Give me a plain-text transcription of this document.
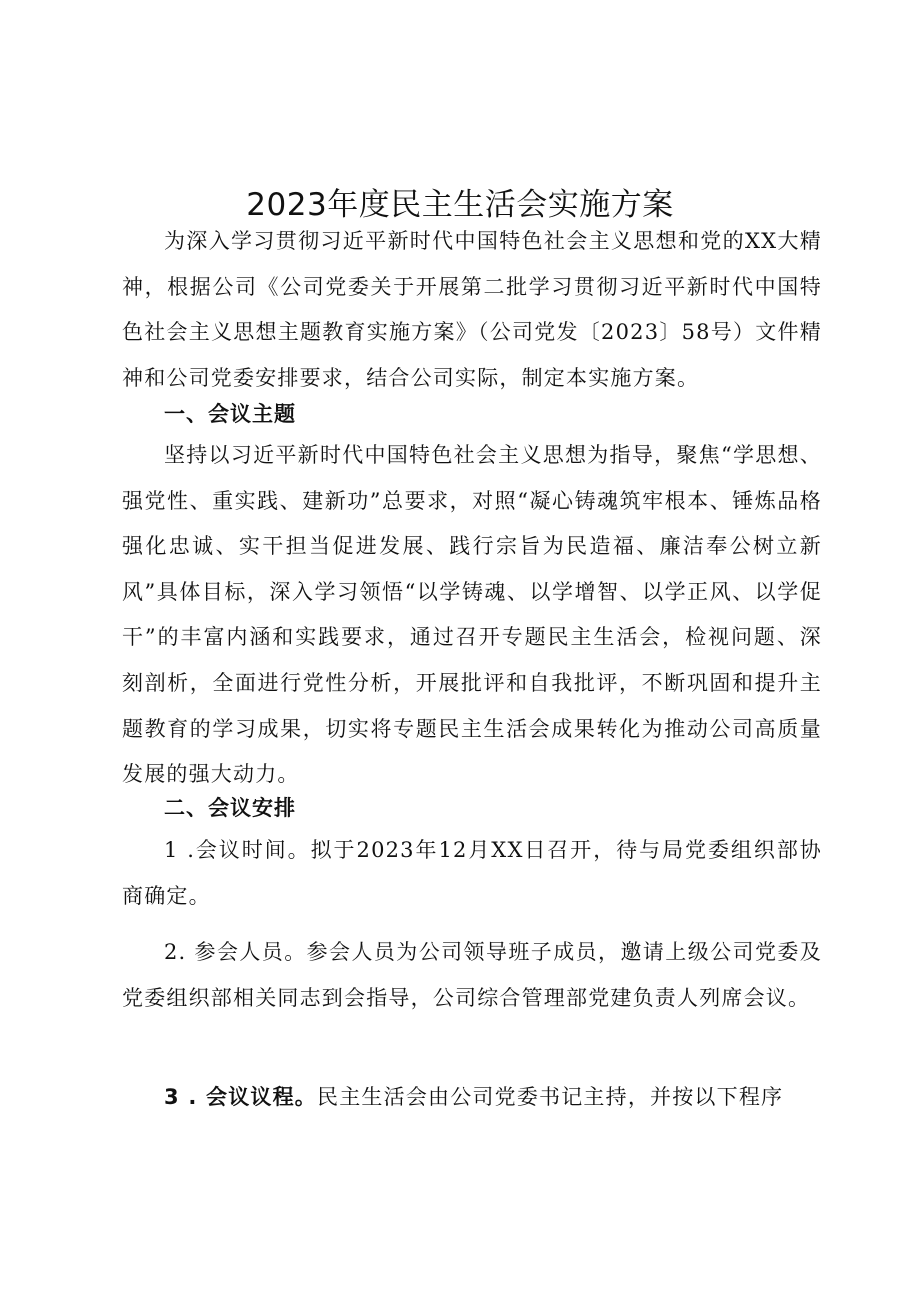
2023年度民主生活会实施方案

为深入学习贯彻习近平新时代中国特色社会主义思想和党的XX大精神，根据公司《公司党委关于开展第二批学习贯彻习近平新时代中国特色社会主义思想主题教育实施方案》（公司党发〔2023〕58号）文件精神和公司党委安排要求，结合公司实际，制定本实施方案。

一、会议主题

坚持以习近平新时代中国特色社会主义思想为指导，聚焦“学思想、强党性、重实践、建新功”总要求，对照“凝心铸魂筑牢根本、锤炼品格强化忠诚、实干担当促进发展、践行宗旨为民造福、廉洁奉公树立新风”具体目标，深入学习领悟“以学铸魂、以学增智、以学正风、以学促干”的丰富内涵和实践要求，通过召开专题民主生活会，检视问题、深刻剖析，全面进行党性分析，开展批评和自我批评，不断巩固和提升主题教育的学习成果，切实将专题民主生活会成果转化为推动公司高质量发展的强大动力。

二、会议安排

1 .会议时间。拟于2023年12月XX日召开，待与局党委组织部协商确定。

2. 参会人员。参会人员为公司领导班子成员，邀请上级公司党委及党委组织部相关同志到会指导，公司综合管理部党建负责人列席会议。

3 . 会议议程。民主生活会由公司党委书记主持，并按以下程序
